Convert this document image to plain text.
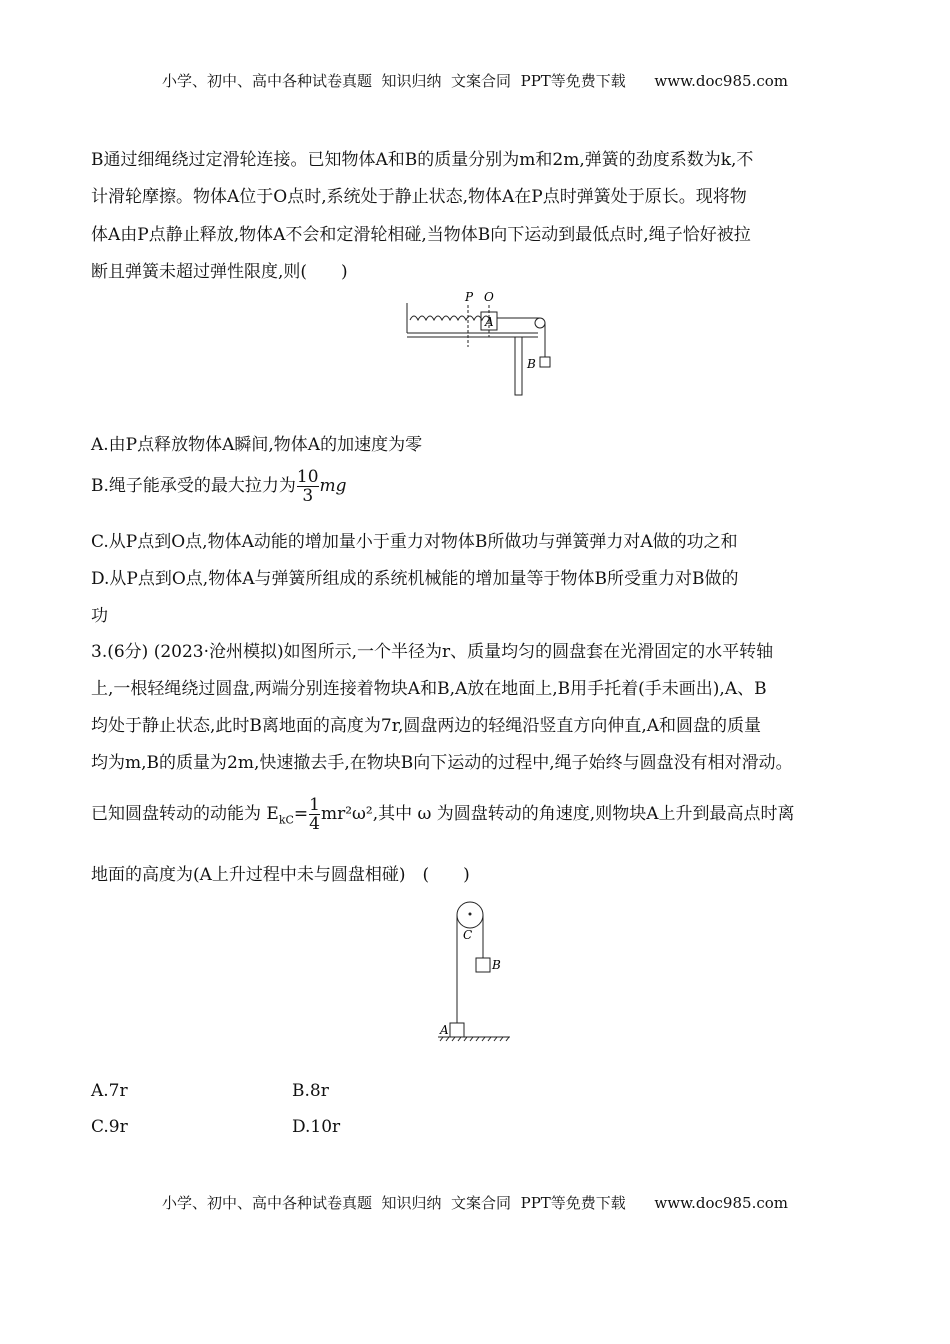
小学、初中、高中各种试卷真题  知识归纳  文案合同  PPT等免费下载      www.doc985.com
B通过细绳绕过定滑轮连接。已知物体A和B的质量分别为m和2m,弹簧的劲度系数为k,不
计滑轮摩擦。物体A位于O点时,系统处于静止状态,物体A在P点时弹簧处于原长。现将物
体A由P点静止释放,物体A不会和定滑轮相碰,当物体B向下运动到最低点时,绳子恰好被拉
断且弹簧未超过弹性限度,则(　　)
P O
A
B
A.由P点释放物体A瞬间,物体A的加速度为零
B.绳子能承受的最大拉力为 $\frac{10}{3}$ mg
C.从P点到O点,物体A动能的增加量小于重力对物体B所做功与弹簧弹力对A做的功之和
D.从P点到O点,物体A与弹簧所组成的系统机械能的增加量等于物体B所受重力对B做的
功
3.(6分) (2023·沧州模拟)如图所示,一个半径为r、质量均匀的圆盘套在光滑固定的水平转轴
上,一根轻绳绕过圆盘,两端分别连接着物块A和B,A放在地面上,B用手托着(手未画出),A、B
均处于静止状态,此时B离地面的高度为7r,圆盘两边的轻绳沿竖直方向伸直,A和圆盘的质量
均为m,B的质量为2m,快速撤去手,在物块B向下运动的过程中,绳子始终与圆盘没有相对滑动。
已知圆盘转动的动能为 $E_{kC}= \frac{1}{4} mr^2\omega^2$,其中 ω 为圆盘转动的角速度,则物块A上升到最高点时离
地面的高度为(A上升过程中未与圆盘相碰)　(　　)
C
B
A
A.7r	B.8r
C.9r	D.10r
小学、初中、高中各种试卷真题  知识归纳  文案合同  PPT等免费下载      www.doc985.com
